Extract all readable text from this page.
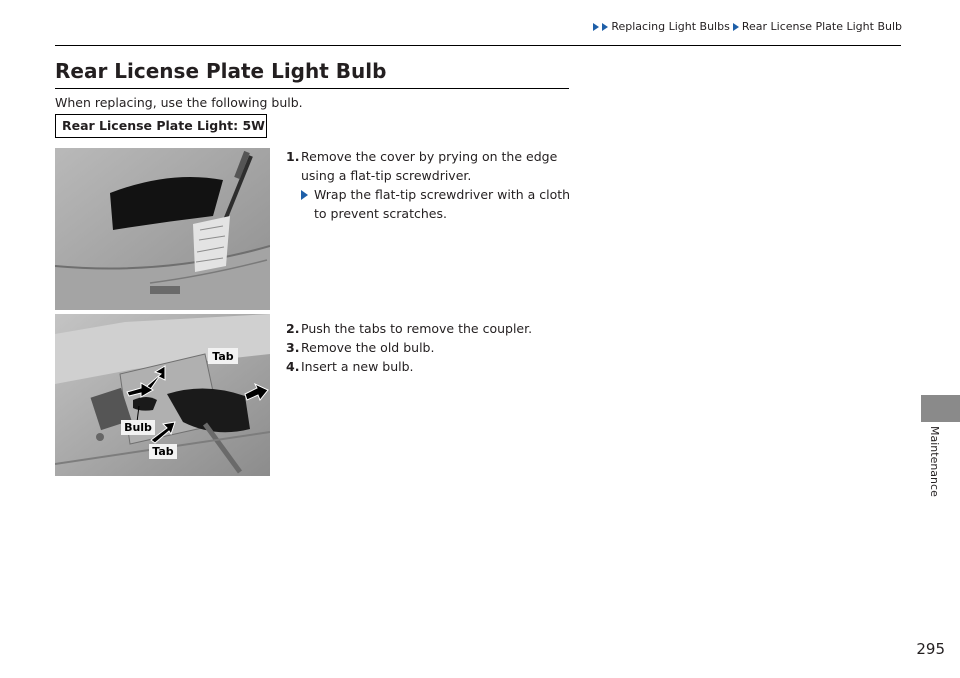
Replacing Light Bulbs Rear License Plate Light Bulb
Rear License Plate Light Bulb

When replacing, use the following bulb.

Rear License Plate Light: 5W
Tab
Bulb
Tab
1. Remove the cover by prying on the edge using a flat-tip screwdriver.
Wrap the flat-tip screwdriver with a cloth to prevent scratches.
2. Push the tabs to remove the coupler.
3. Remove the old bulb.
4. Insert a new bulb.
Maintenance
295
